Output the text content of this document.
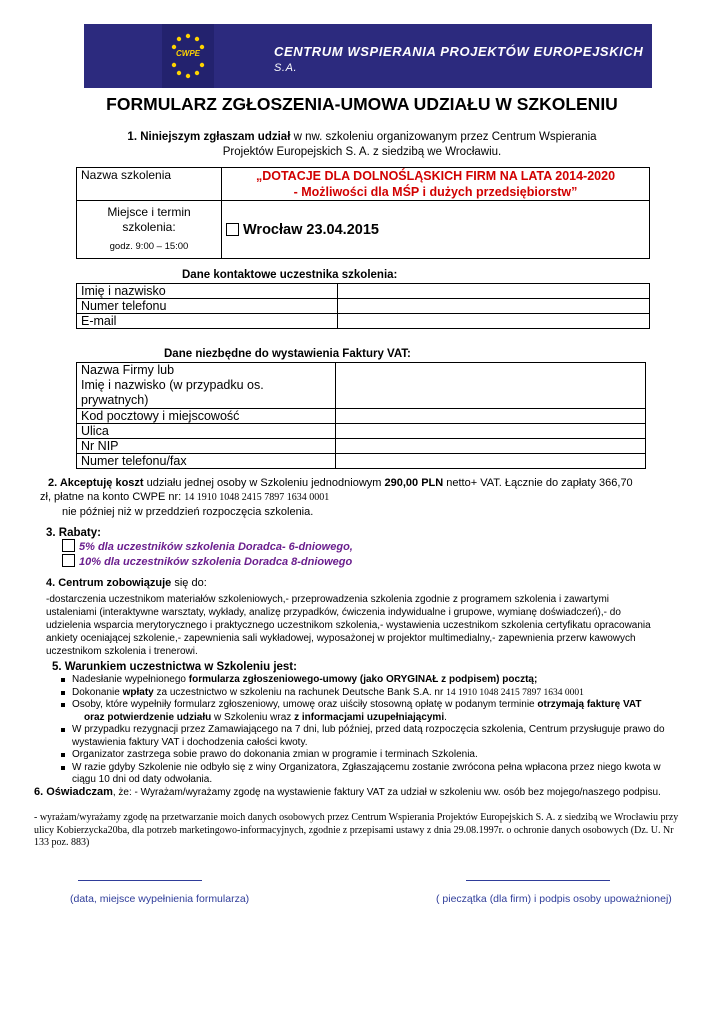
CWPE	CENTRUM WSPIERANIA PROJEKTÓW EUROPEJSKICH S.A.
FORMULARZ ZGŁOSZENIA-UMOWA UDZIAŁU W SZKOLENIU
1. Niniejszym zgłaszam udział w nw. szkoleniu organizowanym przez Centrum Wspierania
Projektów Europejskich S. A. z siedzibą we Wrocławiu.
Nazwa szkolenia	„DOTACJE DLA DOLNOŚLĄSKICH FIRM NA LATA 2014-2020
- Możliwości dla MŚP i dużych przedsiębiorstw”

Miejsce i termin szkolenia:
godz. 9:00 – 15:00	Wrocław 23.04.2015
Dane kontaktowe uczestnika szkolenia:
Imię i nazwisko	
Numer telefonu	
E-mail	
Dane niezbędne do wystawienia Faktury VAT:
Nazwa Firmy lub
Imię i nazwisko (w przypadku os.
prywatnych)	

Kod pocztowy i miejscowość	
Ulica	
Nr NIP	
Numer telefonu/fax	
2. Akceptuję koszt udziału jednej osoby w Szkoleniu jednodniowym 290,00 PLN netto+ VAT. Łącznie do zapłaty 366,70
zł, płatne na konto CWPE nr: 14 1910 1048 2415 7897 1634 0001
nie później niż w przeddzień rozpoczęcia szkolenia.
3. Rabaty:
5% dla uczestników szkolenia Doradca- 6-dniowego,
10% dla uczestników szkolenia Doradca 8-dniowego
4. Centrum zobowiązuje się do:
-dostarczenia uczestnikom materiałów szkoleniowych,- przeprowadzenia szkolenia zgodnie z programem szkolenia i zawartymi
ustaleniami (interaktywne warsztaty, wykłady, analizę przypadków, ćwiczenia indywidualne i grupowe, wymianę doświadczeń),- do
udzielenia wsparcia merytorycznego i praktycznego uczestnikom szkolenia,- wystawienia uczestnikom szkolenia certyfikatu opracowania
ankiety oceniającej szkolenie,- zapewnienia sali wykładowej, wyposażonej w projektor multimedialny,- zapewnienia przerw kawowych
uczestnikom szkolenia i trenerowi.
5. Warunkiem uczestnictwa w Szkoleniu jest:
Nadesłanie wypełnionego formularza zgłoszeniowego-umowy (jako ORYGINAŁ z podpisem) pocztą;
Dokonanie wpłaty za uczestnictwo w szkoleniu na rachunek Deutsche Bank S.A. nr 14 1910 1048 2415 7897 1634 0001
Osoby, które wypełniły formularz zgłoszeniowy, umowę oraz uiściły stosowną opłatę w podanym terminie otrzymają fakturę VAT
oraz potwierdzenie udziału w Szkoleniu wraz z informacjami uzupełniającymi.
W przypadku rezygnacji przez Zamawiającego na 7 dni, lub później, przed datą rozpoczęcia szkolenia, Centrum przysługuje prawo do wystawienia faktury VAT i dochodzenia całości kwoty.
Organizator zastrzega sobie prawo do dokonania zmian w programie i terminach Szkolenia.
W razie gdyby Szkolenie nie odbyło się z winy Organizatora, Zgłaszającemu zostanie zwrócona pełna wpłacona przez niego kwota w ciągu 10 dni od daty odwołania.
6. Oświadczam, że: - Wyrażam/wyrażamy zgodę na wystawienie faktury VAT za udział w szkoleniu ww. osób bez mojego/naszego podpisu.
- wyrażam/wyrażamy zgodę na przetwarzanie moich danych osobowych przez Centrum Wspierania Projektów Europejskich S. A. z siedzibą we Wrocławiu przy ulicy Kobierzycka20ba, dla potrzeb marketingowo-informacyjnych, zgodnie z przepisami ustawy z dnia 29.08.1997r. o ochronie danych osobowych (Dz. U. Nr 133 poz. 883)
(data, miejsce wypełnienia formularza)	( pieczątka (dla firm) i podpis osoby upoważnionej)
